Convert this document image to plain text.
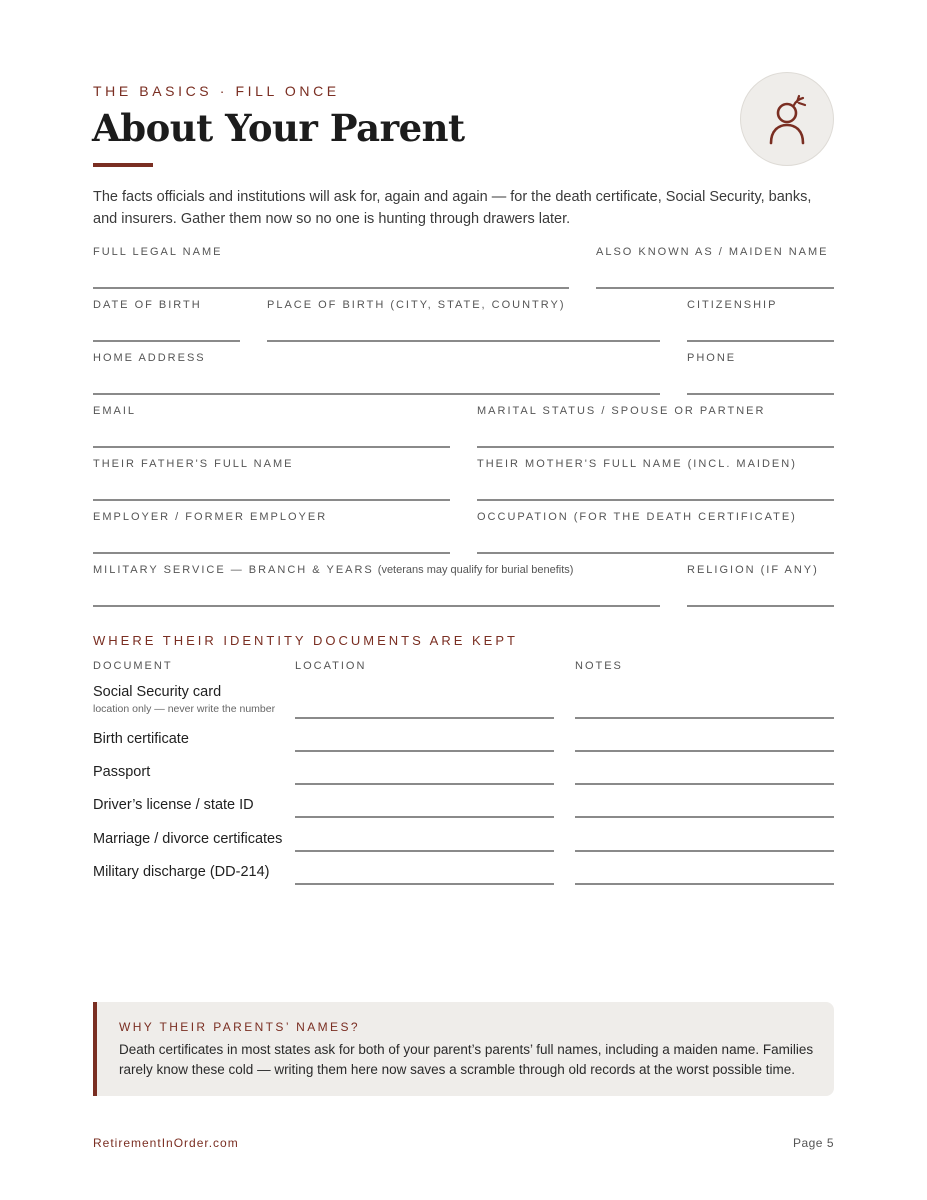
THE BASICS · FILL ONCE
About Your Parent

The facts officials and institutions will ask for, again and again — for the death certificate, Social Security, banks, and insurers. Gather them now so no one is hunting through drawers later.

FULL LEGAL NAME	ALSO KNOWN AS / MAIDEN NAME
DATE OF BIRTH	PLACE OF BIRTH (CITY, STATE, COUNTRY)	CITIZENSHIP
HOME ADDRESS	PHONE
EMAIL	MARITAL STATUS / SPOUSE OR PARTNER
THEIR FATHER'S FULL NAME	THEIR MOTHER'S FULL NAME (INCL. MAIDEN)
EMPLOYER / FORMER EMPLOYER	OCCUPATION (FOR THE DEATH CERTIFICATE)
MILITARY SERVICE — BRANCH & YEARS (veterans may qualify for burial benefits)	RELIGION (IF ANY)
WHERE THEIR IDENTITY DOCUMENTS ARE KEPT
DOCUMENT	LOCATION	NOTES
Social Security card
location only — never write the number
Birth certificate
Passport
Driver’s license / state ID
Marriage / divorce certificates
Military discharge (DD-214)
WHY THEIR PARENTS’ NAMES?

Death certificates in most states ask for both of your parent’s parents’ full names, including a maiden name. Families rarely know these cold — writing them here now saves a scramble through old records at the worst possible time.

RetirementInOrder.com	Page 5
